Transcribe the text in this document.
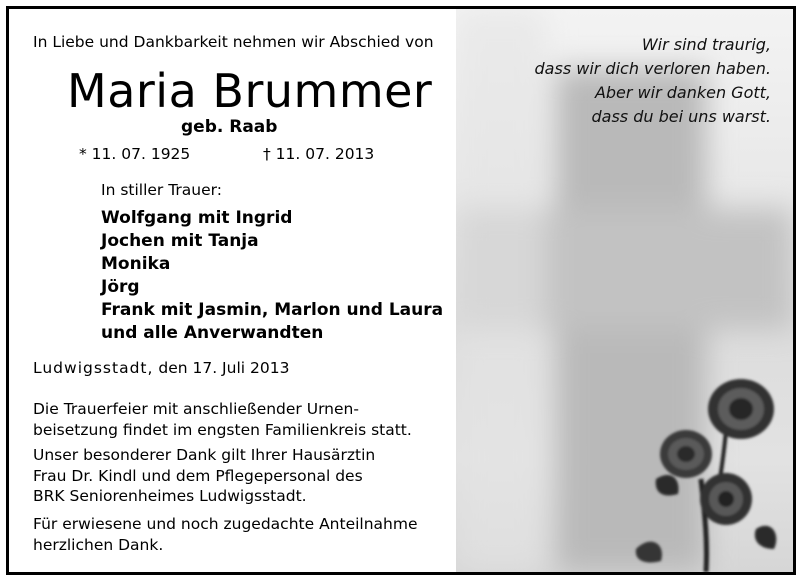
Wir sind traurig,
dass wir dich verloren haben.
Aber wir danken Gott,
dass du bei uns warst.
In Liebe und Dankbarkeit nehmen wir Abschied von
Maria Brummer
geb. Raab
* 11. 07. 1925	† 11. 07. 2013
In stiller Trauer:
Wolfgang mit Ingrid
Jochen mit Tanja
Monika
Jörg
Frank mit Jasmin, Marlon und Laura
und alle Anverwandten
Ludwigsstadt, den 17. Juli 2013

Die Trauerfeier mit anschließender Urnen-
beisetzung findet im engsten Familienkreis statt.

Unser besonderer Dank gilt Ihrer Hausärztin
Frau Dr. Kindl und dem Pflegepersonal des
BRK Seniorenheimes Ludwigsstadt.

Für erwiesene und noch zugedachte Anteilnahme
herzlichen Dank.
